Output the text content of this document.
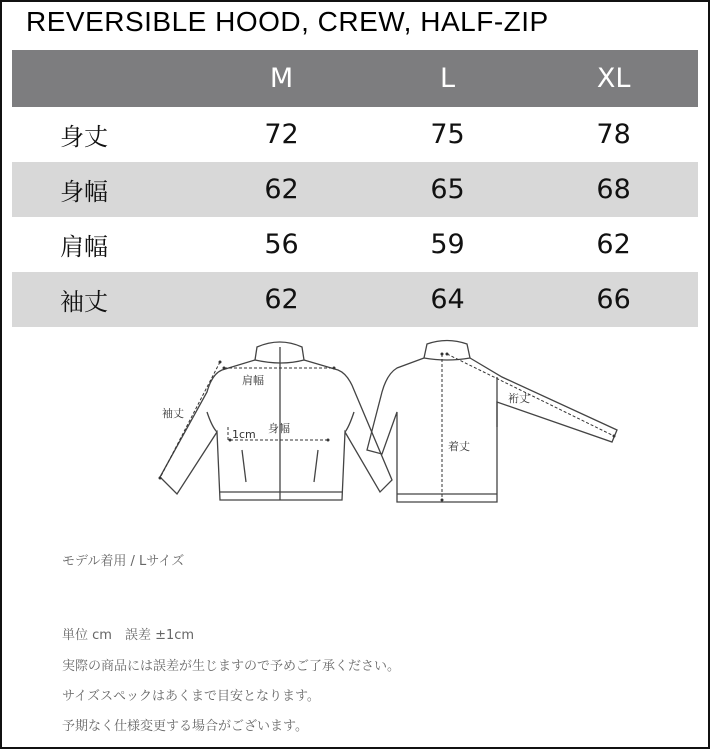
REVERSIBLE HOOD, CREW, HALF-ZIP
	M	L	XL
身丈	72	75	78
身幅	62	65	68
肩幅	56	59	62
袖丈	62	64	66
肩幅
袖丈
1cm 身幅
着丈
裄丈

モデル着用 / Lサイズ

単位 cm　誤差 ±1cm

実際の商品には誤差が生じますので予めご了承ください。

サイズスペックはあくまで目安となります。

予期なく仕様変更する場合がございます。
